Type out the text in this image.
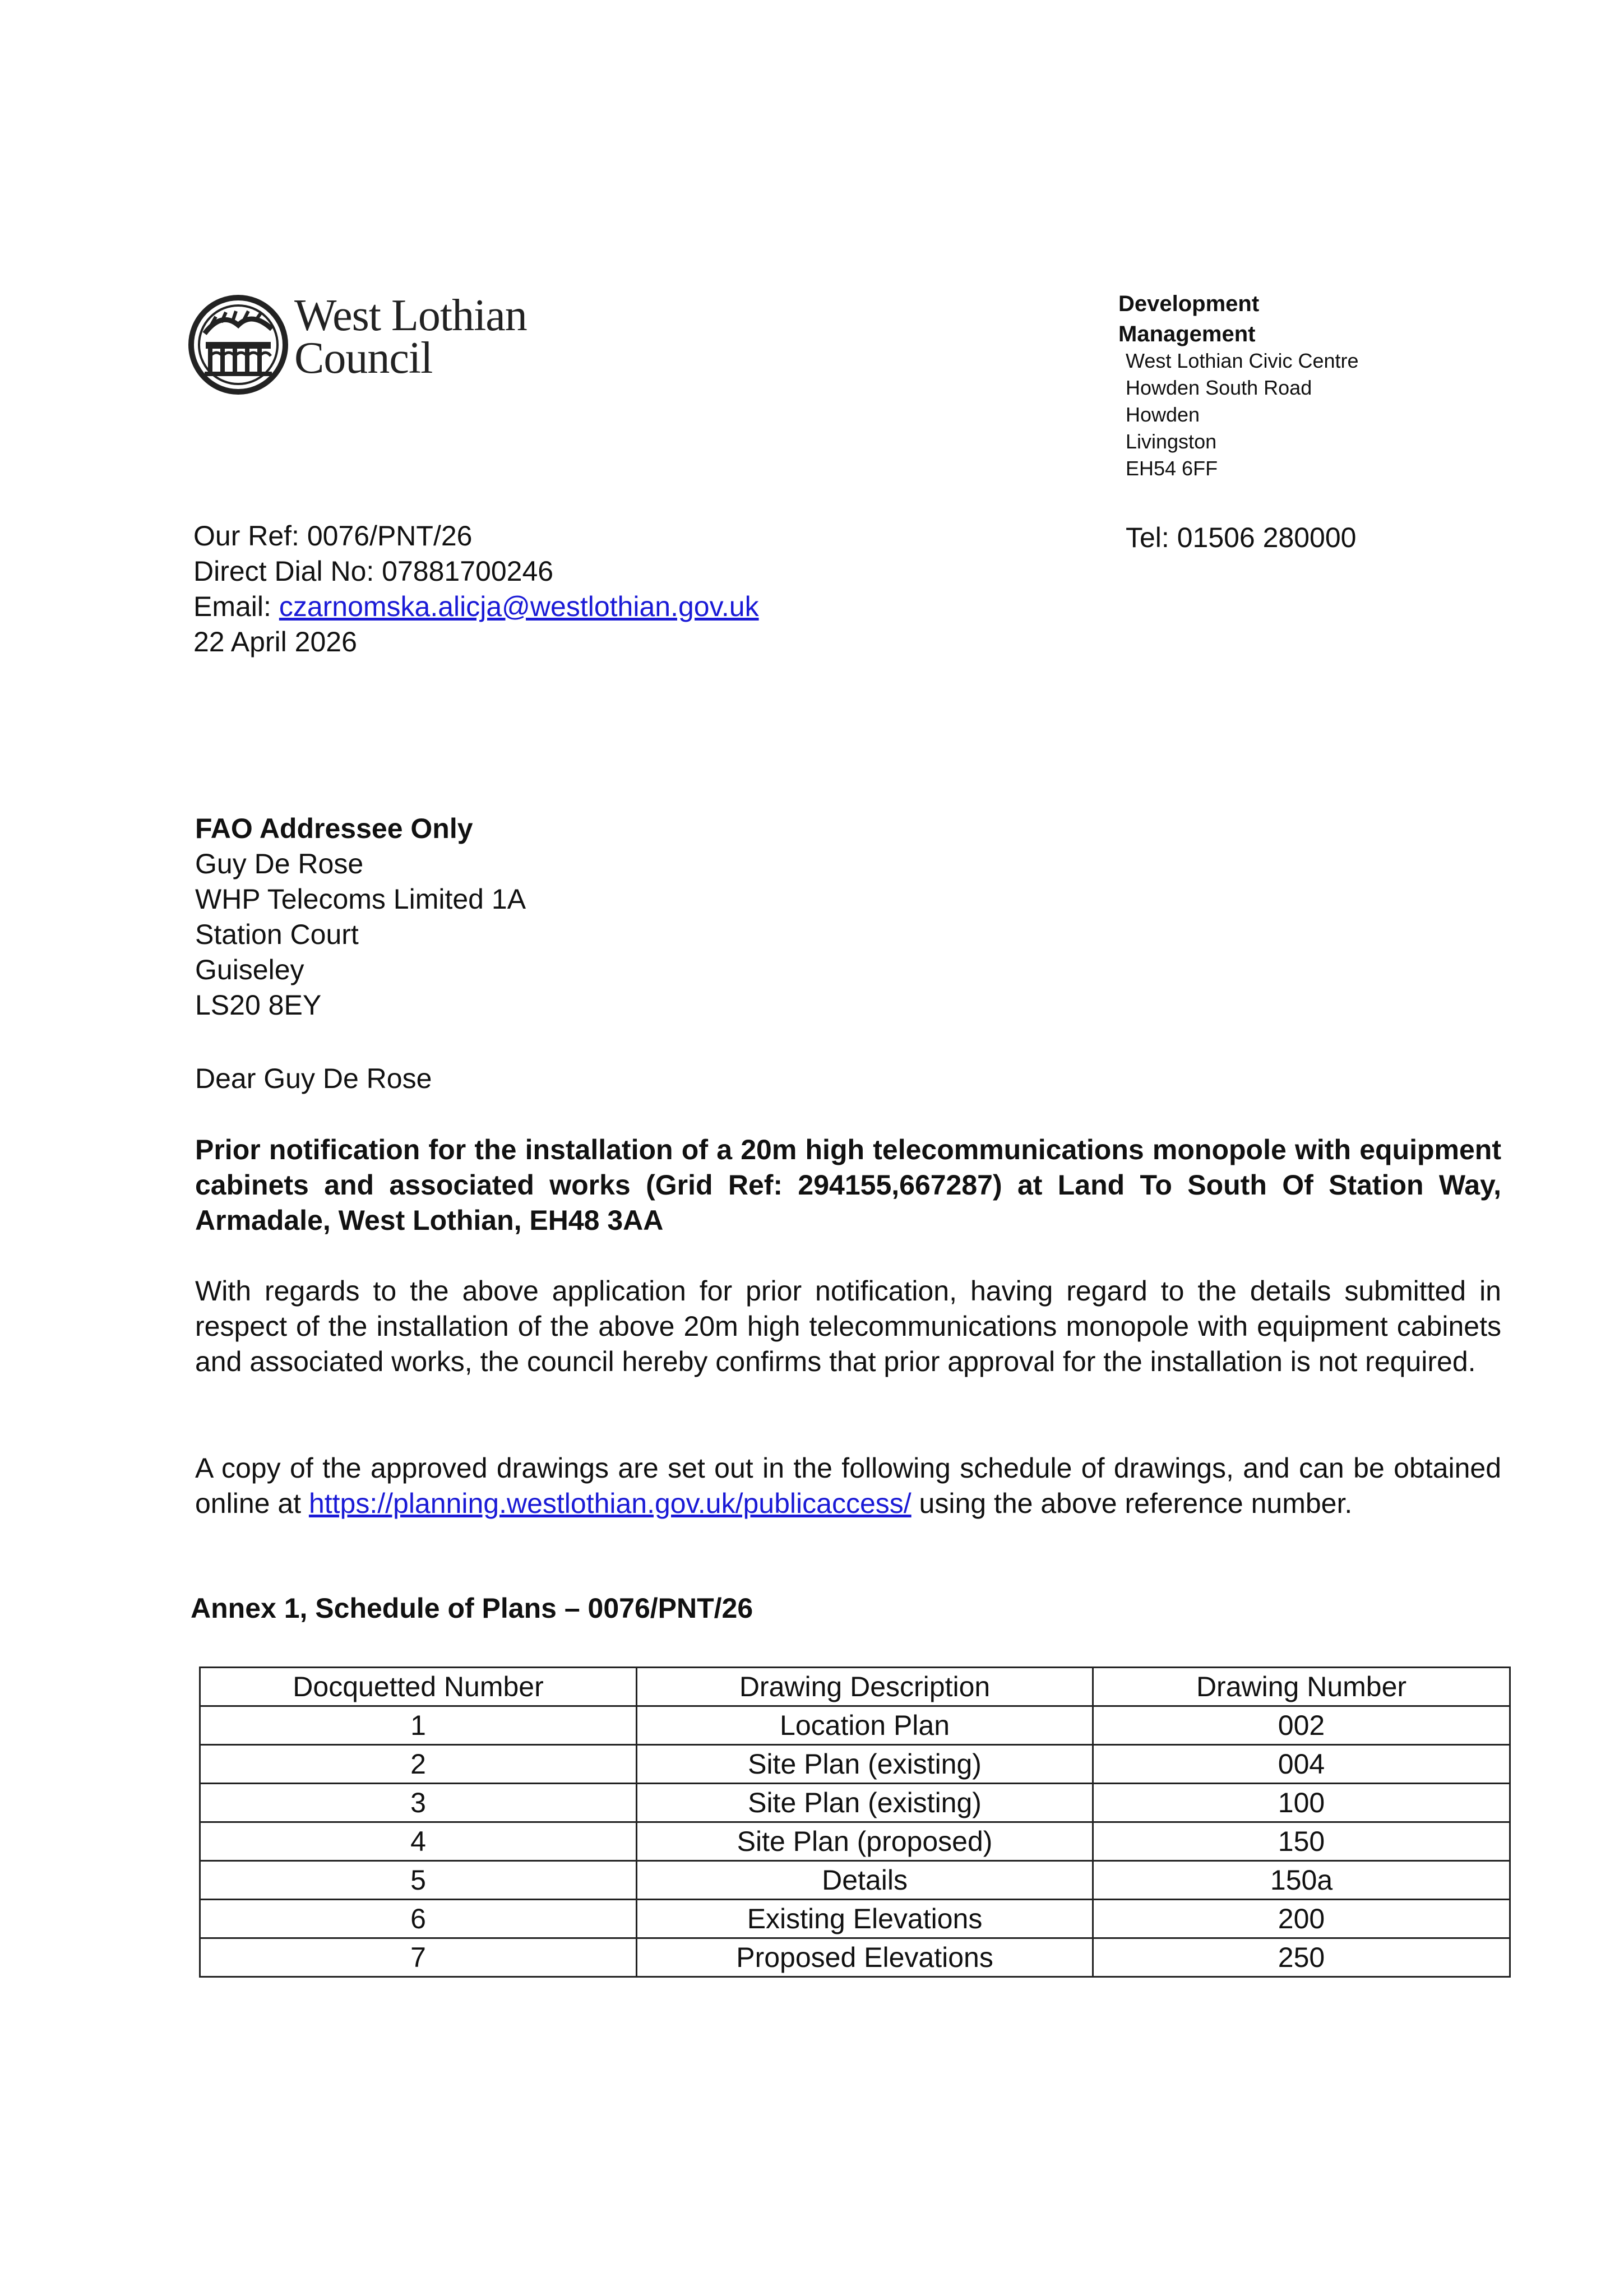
West Lothian
Council
Development
Management
West Lothian Civic Centre
Howden South Road
Howden
Livingston
EH54 6FF
Tel: 01506 280000
Our Ref: 0076/PNT/26
Direct Dial No: 07881700246
Email: czarnomska.alicja@westlothian.gov.uk
22 April 2026
FAO Addressee Only
Guy De Rose
WHP Telecoms Limited 1A
Station Court
Guiseley
LS20 8EY
Dear Guy De Rose
Prior notification for the installation of a 20m high telecommunications monopole with equipment cabinets and associated works (Grid Ref: 294155,667287) at Land To South Of Station Way, Armadale, West Lothian, EH48 3AA
With regards to the above application for prior notification, having regard to the details submitted in respect of the installation of the above 20m high telecommunications monopole with equipment cabinets and associated works, the council hereby confirms that prior approval for the installation is not required.
A copy of the approved drawings are set out in the following schedule of drawings, and can be obtained online at https://planning.westlothian.gov.uk/publicaccess/ using the above reference number.
Annex 1, Schedule of Plans – 0076/PNT/26
Docquetted Number	Drawing Description	Drawing Number
1	Location Plan	002
2	Site Plan (existing)	004
3	Site Plan (existing)	100
4	Site Plan (proposed)	150
5	Details	150a
6	Existing Elevations	200
7	Proposed Elevations	250
